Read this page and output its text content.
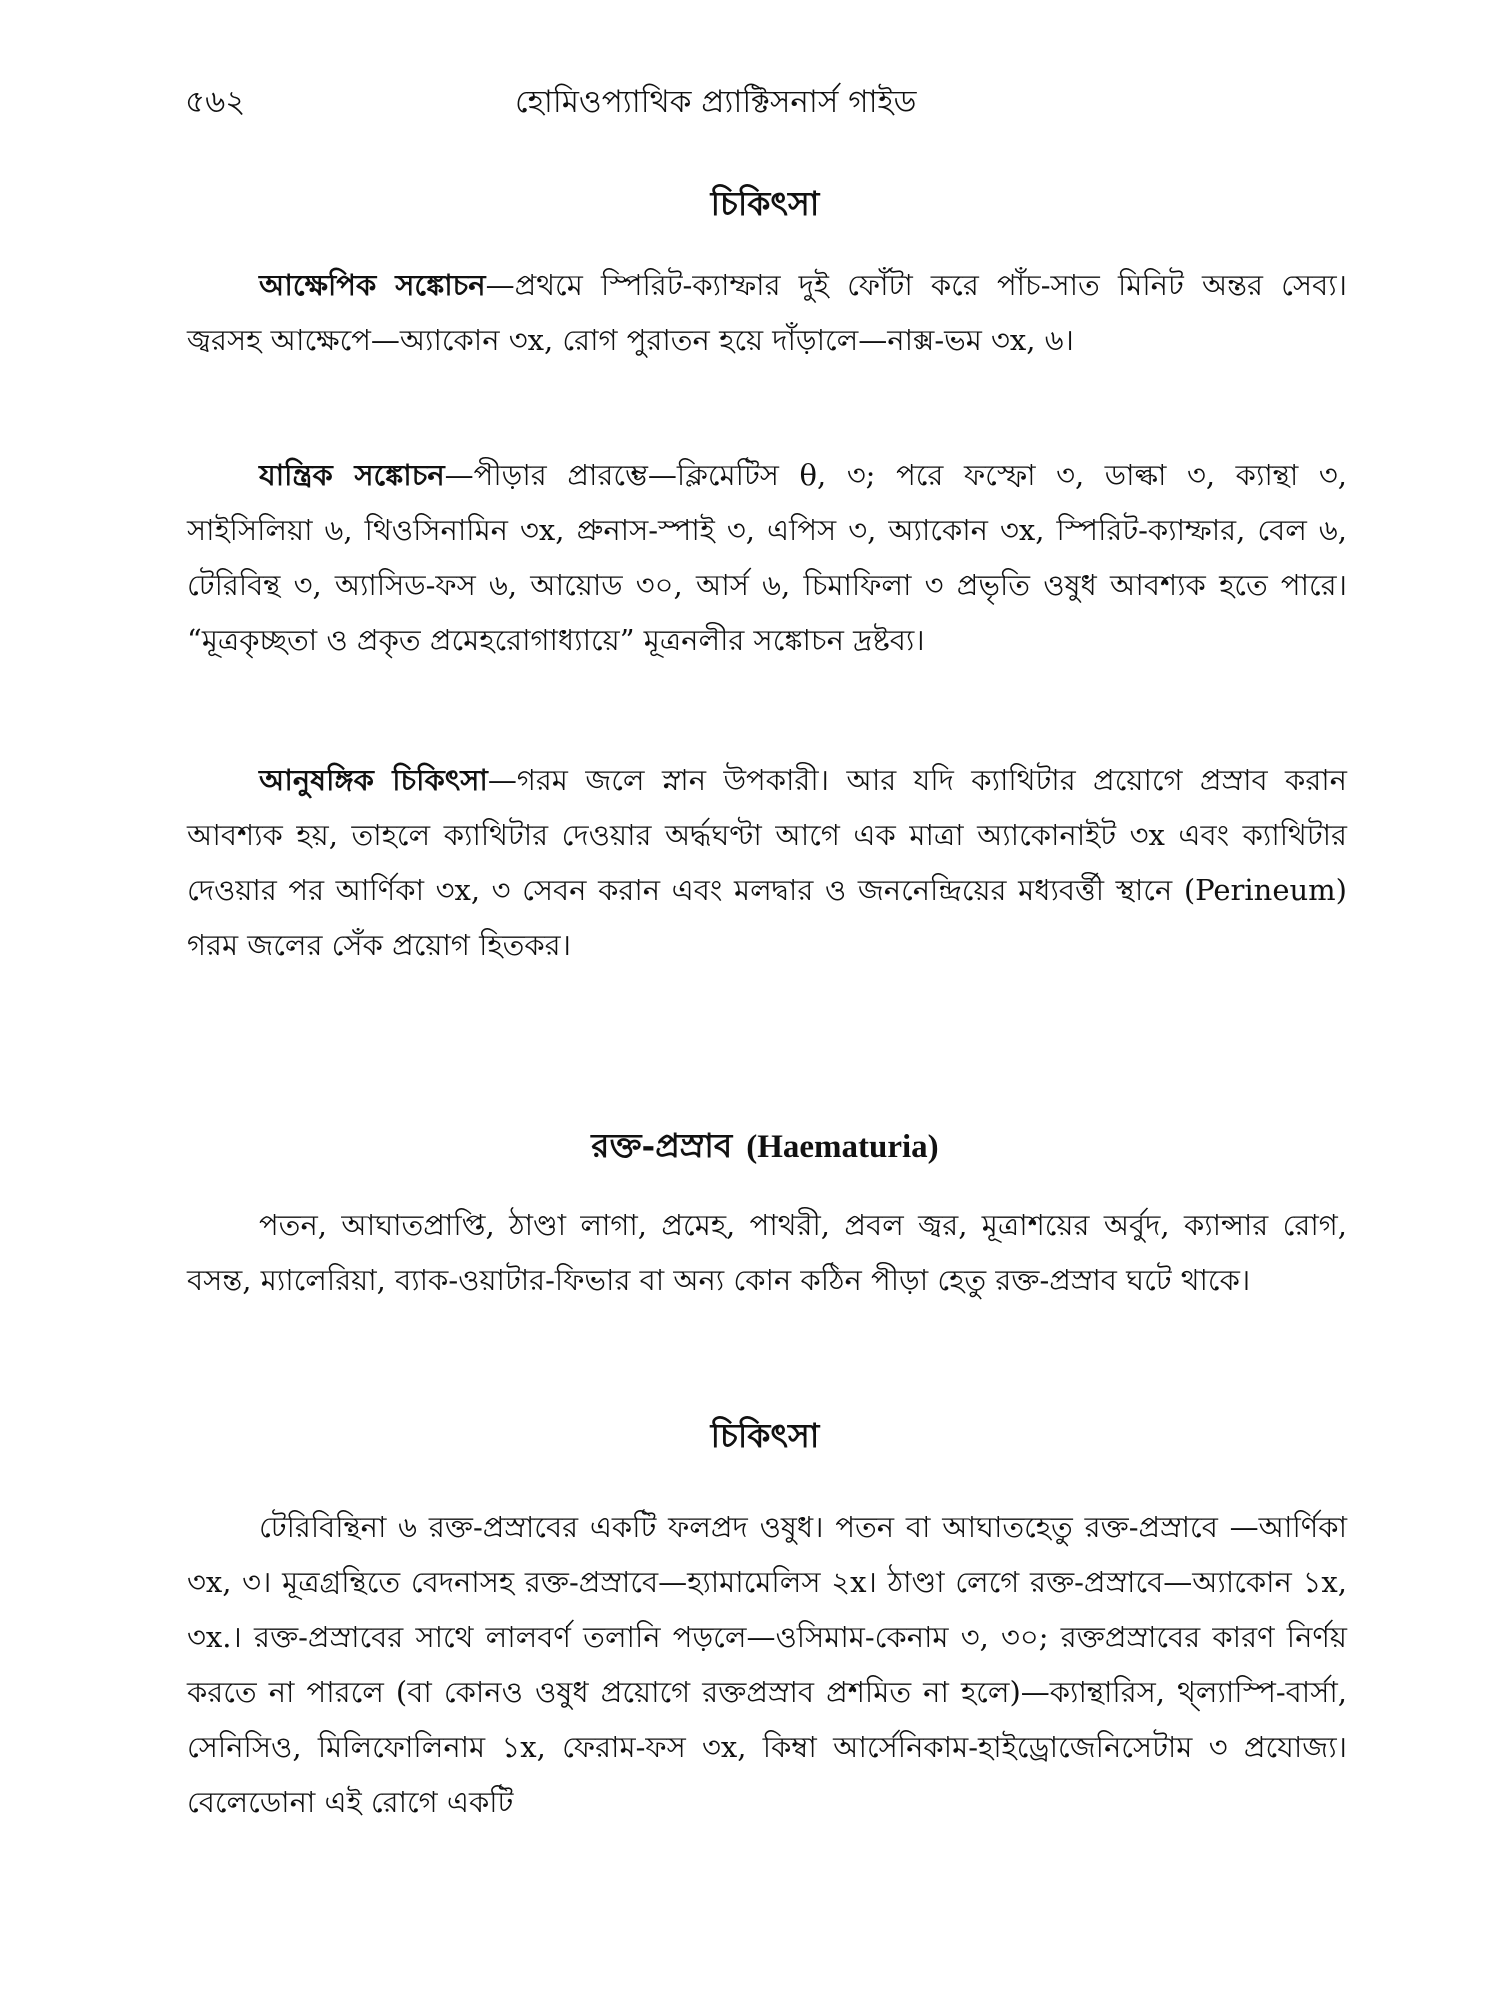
৫৬২	হোমিওপ্যাথিক প্র্যাক্টিসনার্স গাইড
চিকিৎসা

আক্ষেপিক সঙ্কোচন—প্রথমে স্পিরিট-ক্যাম্ফার দুই ফোঁটা করে পাঁচ-সাত মিনিট অন্তর সেব্য। জ্বরসহ আক্ষেপে—অ্যাকোন ৩x, রোগ পুরাতন হয়ে দাঁড়ালে—নাক্স-ভম ৩x, ৬।

যান্ত্রিক সঙ্কোচন—পীড়ার প্রারম্ভে—ক্লিমেটিস θ, ৩; পরে ফস্ফো ৩, ডাল্কা ৩, ক্যান্থা ৩, সাইসিলিয়া ৬, থিওসিনামিন ৩x, প্রুনাস-স্পাই ৩, এপিস ৩, অ্যাকোন ৩x, স্পিরিট-ক্যাম্ফার, বেল ৬, টেরিবিন্থ ৩, অ্যাসিড-ফস ৬, আয়োড ৩০, আর্স ৬, চিমাফিলা ৩ প্রভৃতি ওষুধ আবশ্যক হতে পারে। “মূত্রকৃচ্ছতা ও প্রকৃত প্রমেহরোগাধ্যায়ে” মূত্রনলীর সঙ্কোচন দ্রষ্টব্য।

আনুষঙ্গিক চিকিৎসা—গরম জলে স্নান উপকারী। আর যদি ক্যাথিটার প্রয়োগে প্রস্রাব করান আবশ্যক হয়, তাহলে ক্যাথিটার দেওয়ার অর্দ্ধঘণ্টা আগে এক মাত্রা অ্যাকোনাইট ৩x এবং ক্যাথিটার দেওয়ার পর আর্ণিকা ৩x, ৩ সেবন করান এবং মলদ্বার ও জননেন্দ্রিয়ের মধ্যবর্ত্তী স্থানে (Perineum) গরম জলের সেঁক প্রয়োগ হিতকর।

রক্ত-প্রস্রাব (Haematuria)

পতন, আঘাতপ্রাপ্তি, ঠাণ্ডা লাগা, প্রমেহ, পাথরী, প্রবল জ্বর, মূত্রাশয়ের অর্বুদ, ক্যান্সার রোগ, বসন্ত, ম্যালেরিয়া, ব্যাক-ওয়াটার-ফিভার বা অন্য কোন কঠিন পীড়া হেতু রক্ত-প্রস্রাব ঘটে থাকে।

চিকিৎসা

টেরিবিন্থিনা ৬ রক্ত-প্রস্রাবের একটি ফলপ্রদ ওষুধ। পতন বা আঘাতহেতু রক্ত-প্রস্রাবে —আর্ণিকা ৩x, ৩। মূত্রগ্রন্থিতে বেদনাসহ রক্ত-প্রস্রাবে—হ্যামামেলিস ২x। ঠাণ্ডা লেগে রক্ত-প্রস্রাবে—অ্যাকোন ১x, ৩x.। রক্ত-প্রস্রাবের সাথে লালবর্ণ তলানি পড়লে—ওসিমাম-কেনাম ৩, ৩০; রক্তপ্রস্রাবের কারণ নির্ণয় করতে না পারলে (বা কোনও ওষুধ প্রয়োগে রক্তপ্রস্রাব প্রশমিত না হলে)—ক্যান্থারিস, থ্ল্যাস্পি-বার্সা, সেনিসিও, মিলিফোলিনাম ১x, ফেরাম-ফস ৩x, কিম্বা আর্সেনিকাম-হাইড্রোজেনিসেটাম ৩ প্রযোজ্য। বেলেডোনা এই রোগে একটি
